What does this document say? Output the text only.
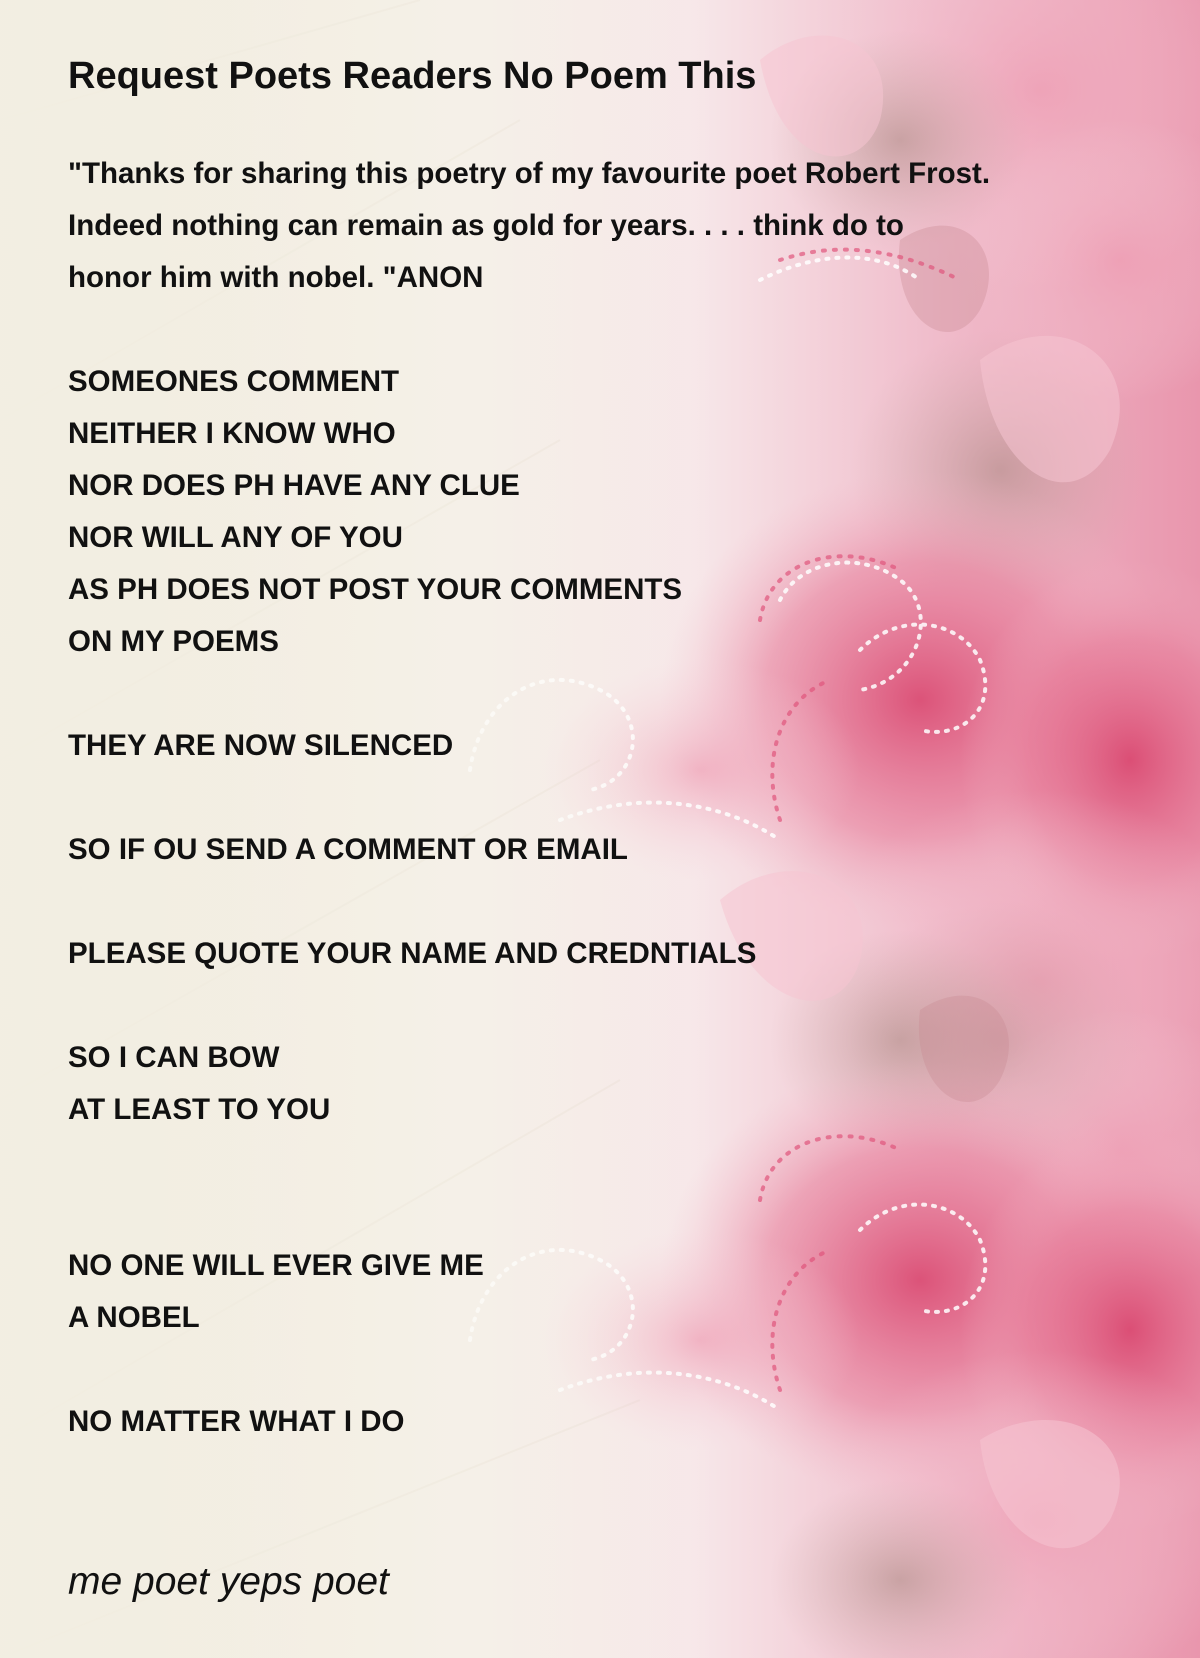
Request Poets Readers No Poem This
"Thanks for sharing this poetry of my favourite poet Robert Frost.
Indeed nothing can remain as gold for years. . . . think do to
honor him with nobel. "ANON
SOMEONES COMMENT
NEITHER I KNOW WHO
NOR DOES PH HAVE ANY CLUE
NOR WILL ANY OF YOU
AS PH DOES NOT POST YOUR COMMENTS
ON MY POEMS
THEY ARE NOW SILENCED
SO IF OU SEND A COMMENT OR EMAIL
PLEASE QUOTE YOUR NAME AND CREDNTIALS
SO I CAN BOW
AT LEAST TO YOU
NO ONE WILL EVER GIVE ME
A NOBEL
NO MATTER WHAT I DO

me poet yeps poet
